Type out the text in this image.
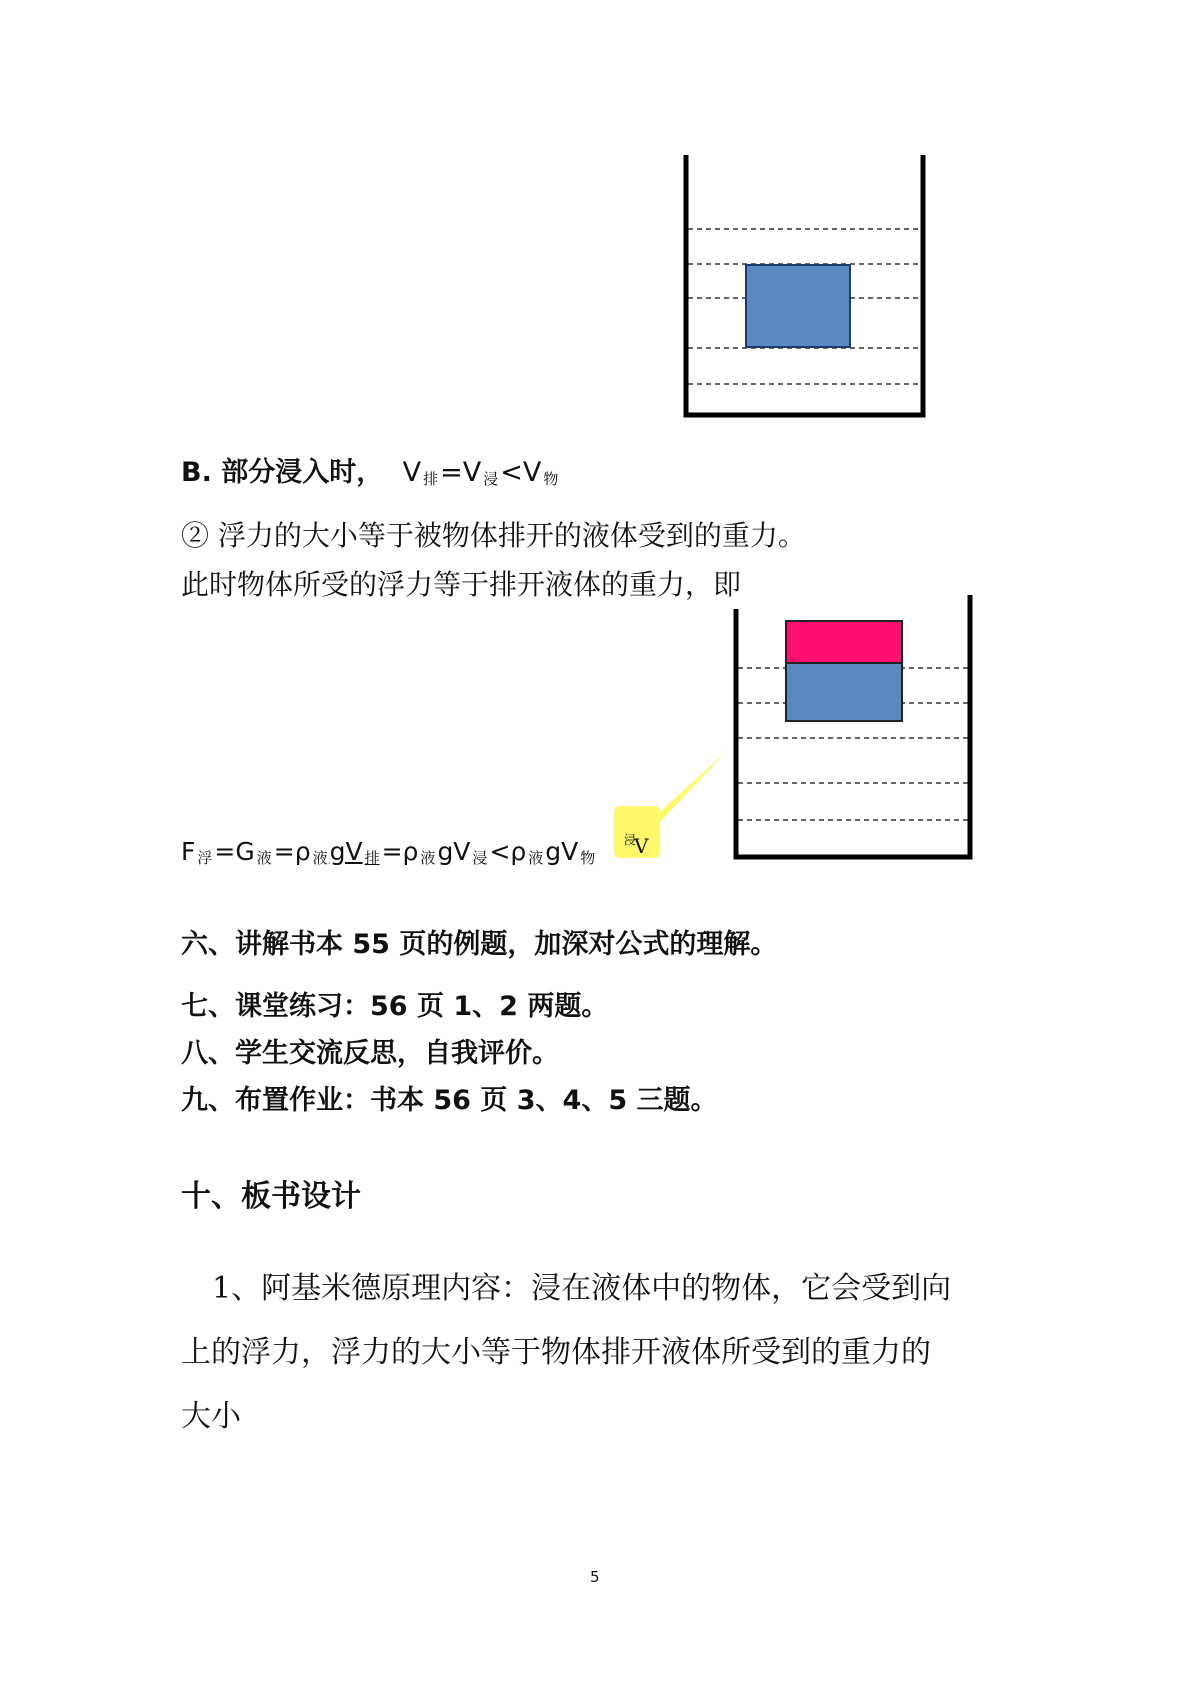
B. 部分浸入时， V $_排$=V $_浸$<V $_物$
② 浮力的大小等于被物体排开的液体受到的重力。
此时物体所受的浮力等于排开液体的重力，即
V
$_浸$
F $_浮$=G $_液$=ρ $_液$gV $_排$=ρ $_液$gV $_浸$<ρ $_液$gV $_物$
六、讲解书本 55 页的例题，加深对公式的理解。
七、课堂练习：56 页 1、2 两题。
八、学生交流反思，自我评价。
九、布置作业：书本 56 页 3、4、5 三题。
十、板书设计
1、阿基米德原理内容：浸在液体中的物体，它会受到向
上的浮力，浮力的大小等于物体排开液体所受到的重力的
大小
5
